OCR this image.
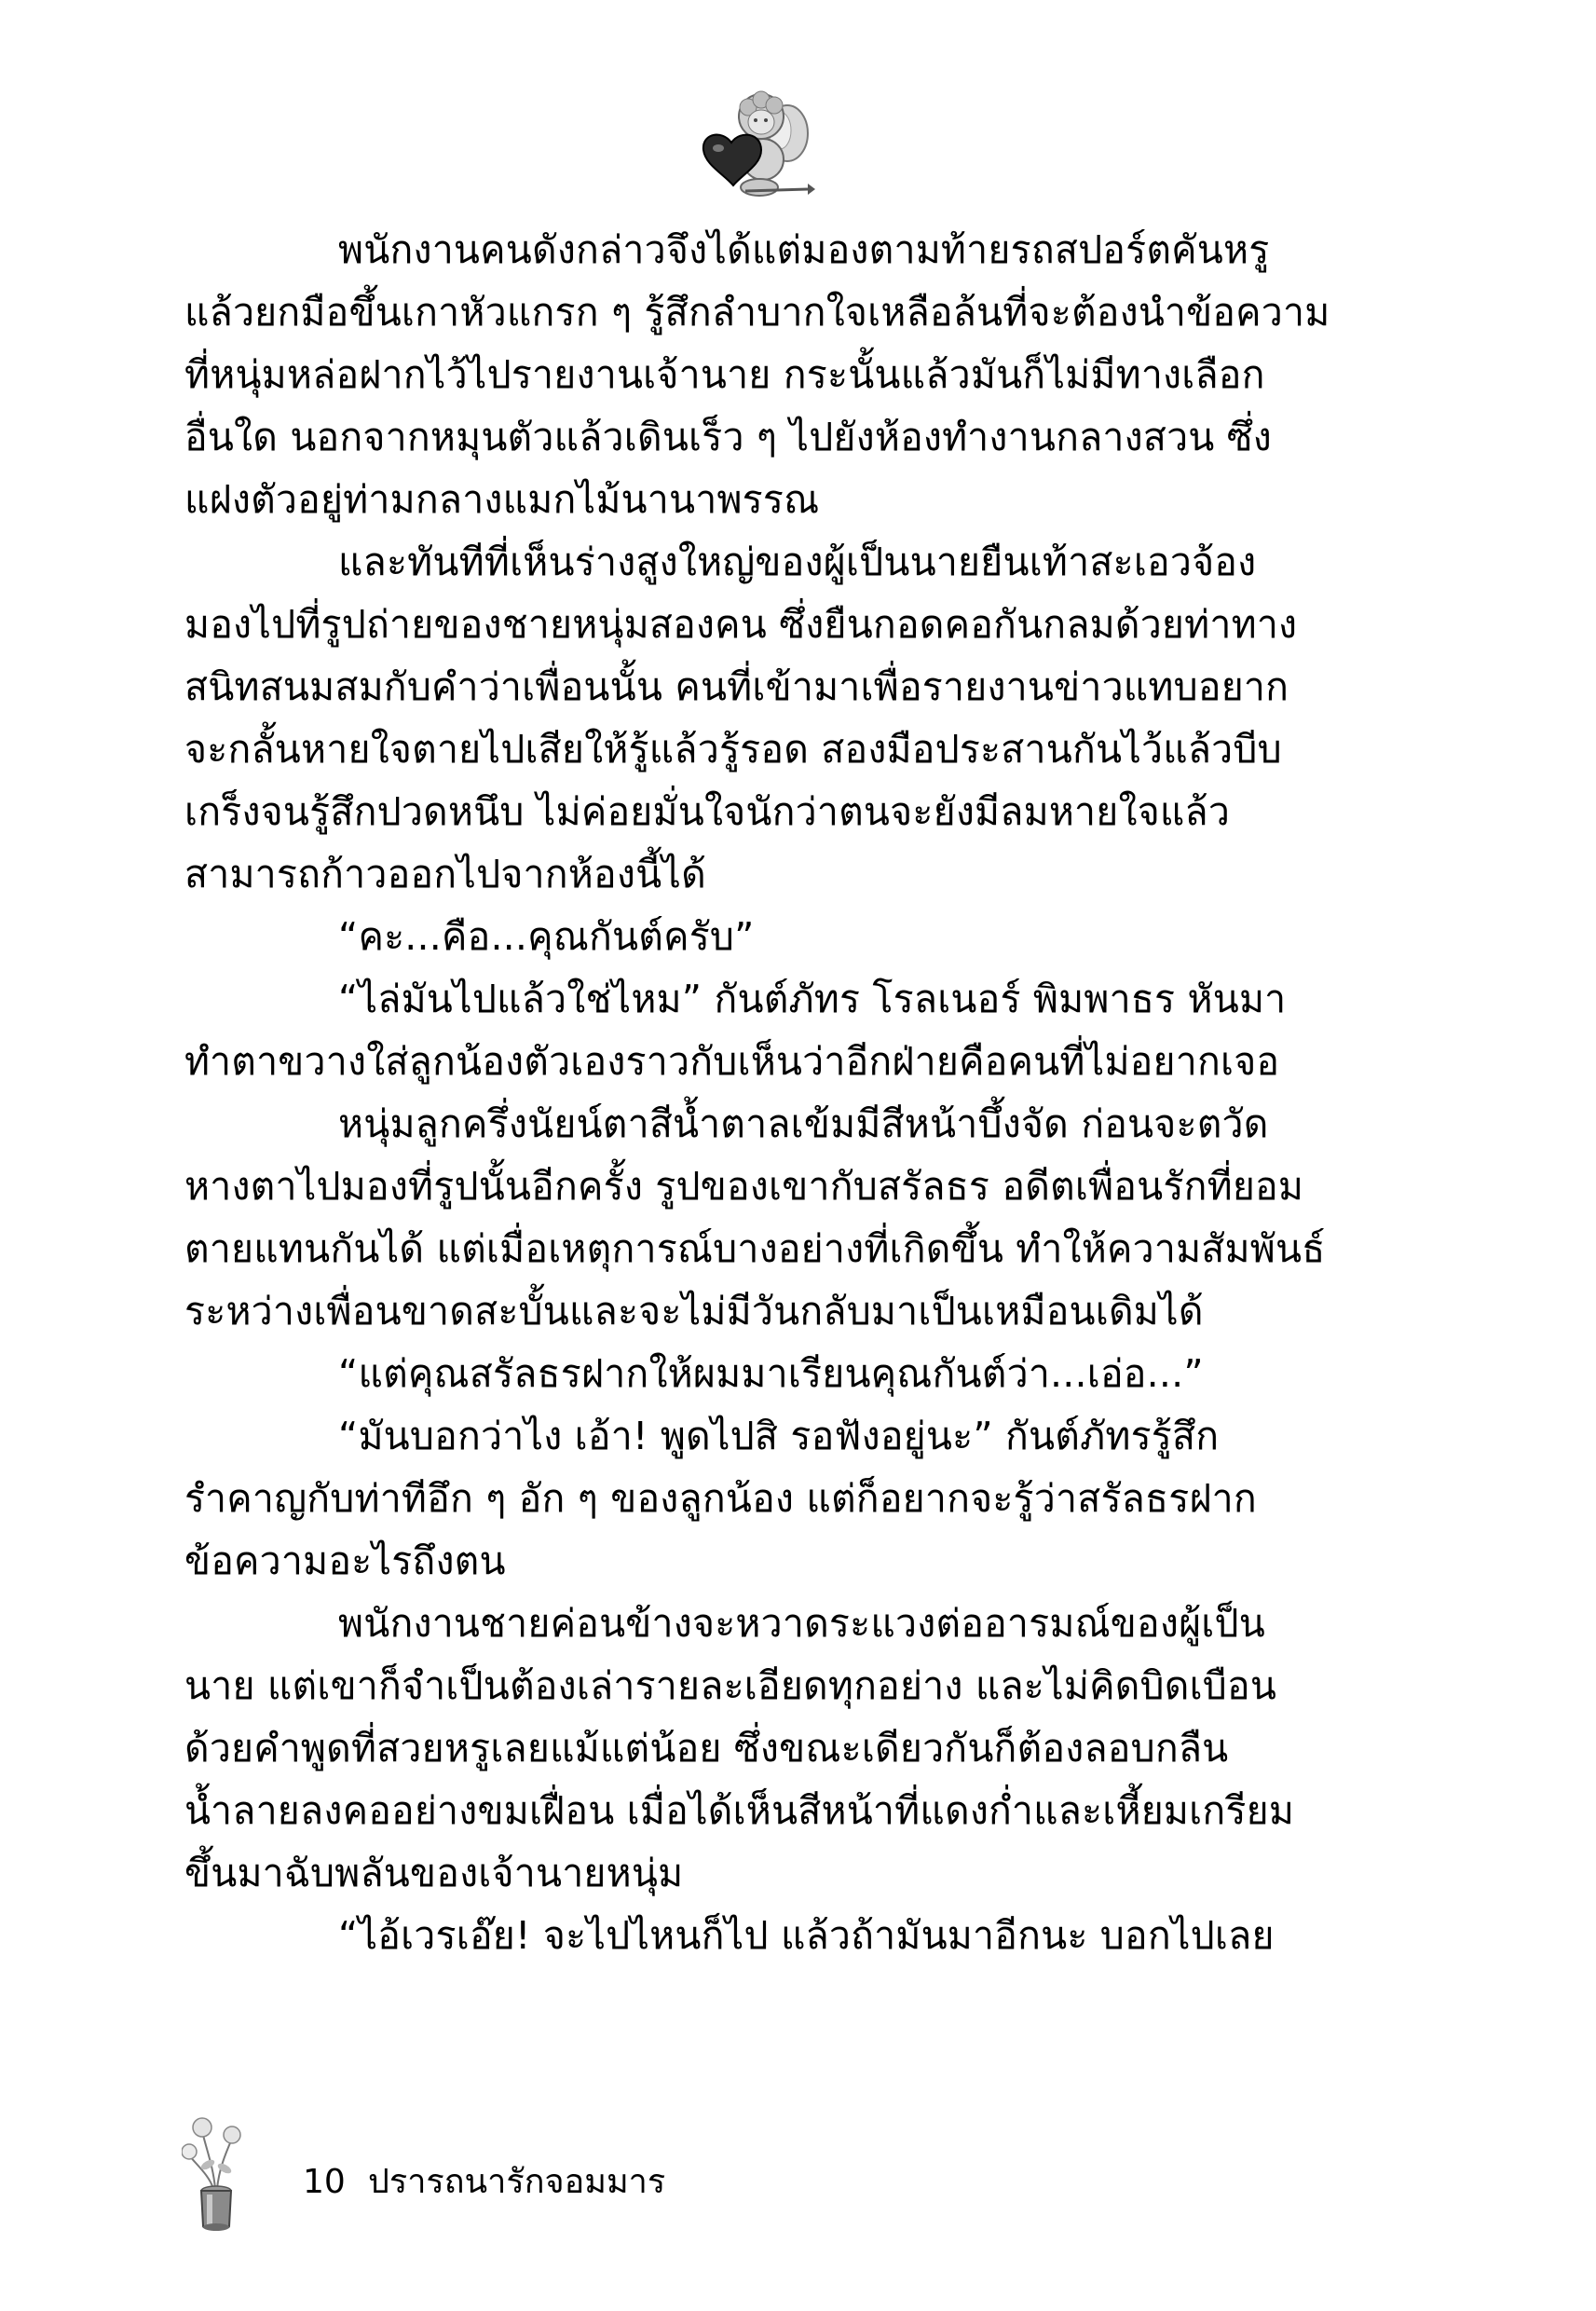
พนักงานคนดังกล่าวจึงได้แต่มองตามท้ายรถสปอร์ตคันหรู
แล้วยกมือขึ้นเกาหัวแกรก ๆ รู้สึกลำบากใจเหลือล้นที่จะต้องนำข้อความ
ที่หนุ่มหล่อฝากไว้ไปรายงานเจ้านาย กระนั้นแล้วมันก็ไม่มีทางเลือก
อื่นใด นอกจากหมุนตัวแล้วเดินเร็ว ๆ ไปยังห้องทำงานกลางสวน ซึ่ง
แฝงตัวอยู่ท่ามกลางแมกไม้นานาพรรณ
และทันทีที่เห็นร่างสูงใหญ่ของผู้เป็นนายยืนเท้าสะเอวจ้อง
มองไปที่รูปถ่ายของชายหนุ่มสองคน ซึ่งยืนกอดคอกันกลมด้วยท่าทาง
สนิทสนมสมกับคำว่าเพื่อนนั้น คนที่เข้ามาเพื่อรายงานข่าวแทบอยาก
จะกลั้นหายใจตายไปเสียให้รู้แล้วรู้รอด สองมือประสานกันไว้แล้วบีบ
เกร็งจนรู้สึกปวดหนึบ ไม่ค่อยมั่นใจนักว่าตนจะยังมีลมหายใจแล้ว
สามารถก้าวออกไปจากห้องนี้ได้
“คะ...คือ...คุณกันต์ครับ”
“ไล่มันไปแล้วใช่ไหม” กันต์ภัทร โรลเนอร์ พิมพาธร หันมา
ทำตาขวางใส่ลูกน้องตัวเองราวกับเห็นว่าอีกฝ่ายคือคนที่ไม่อยากเจอ
หนุ่มลูกครึ่งนัยน์ตาสีน้ำตาลเข้มมีสีหน้าบึ้งจัด ก่อนจะตวัด
หางตาไปมองที่รูปนั้นอีกครั้ง รูปของเขากับสรัลธร อดีตเพื่อนรักที่ยอม
ตายแทนกันได้ แต่เมื่อเหตุการณ์บางอย่างที่เกิดขึ้น ทำให้ความสัมพันธ์
ระหว่างเพื่อนขาดสะบั้นและจะไม่มีวันกลับมาเป็นเหมือนเดิมได้
“แต่คุณสรัลธรฝากให้ผมมาเรียนคุณกันต์ว่า...เอ่อ...”
“มันบอกว่าไง เอ้า! พูดไปสิ รอฟังอยู่นะ” กันต์ภัทรรู้สึก
รำคาญกับท่าทีอึก ๆ อัก ๆ ของลูกน้อง แต่ก็อยากจะรู้ว่าสรัลธรฝาก
ข้อความอะไรถึงตน
พนักงานชายค่อนข้างจะหวาดระแวงต่ออารมณ์ของผู้เป็น
นาย แต่เขาก็จำเป็นต้องเล่ารายละเอียดทุกอย่าง และไม่คิดบิดเบือน
ด้วยคำพูดที่สวยหรูเลยแม้แต่น้อย ซึ่งขณะเดียวกันก็ต้องลอบกลืน
น้ำลายลงคออย่างขมเฝื่อน เมื่อได้เห็นสีหน้าที่แดงก่ำและเหี้ยมเกรียม
ขึ้นมาฉับพลันของเจ้านายหนุ่ม
“ไอ้เวรเอ๊ย! จะไปไหนก็ไป แล้วถ้ามันมาอีกนะ บอกไปเลย
10 ปรารถนารักจอมมาร
